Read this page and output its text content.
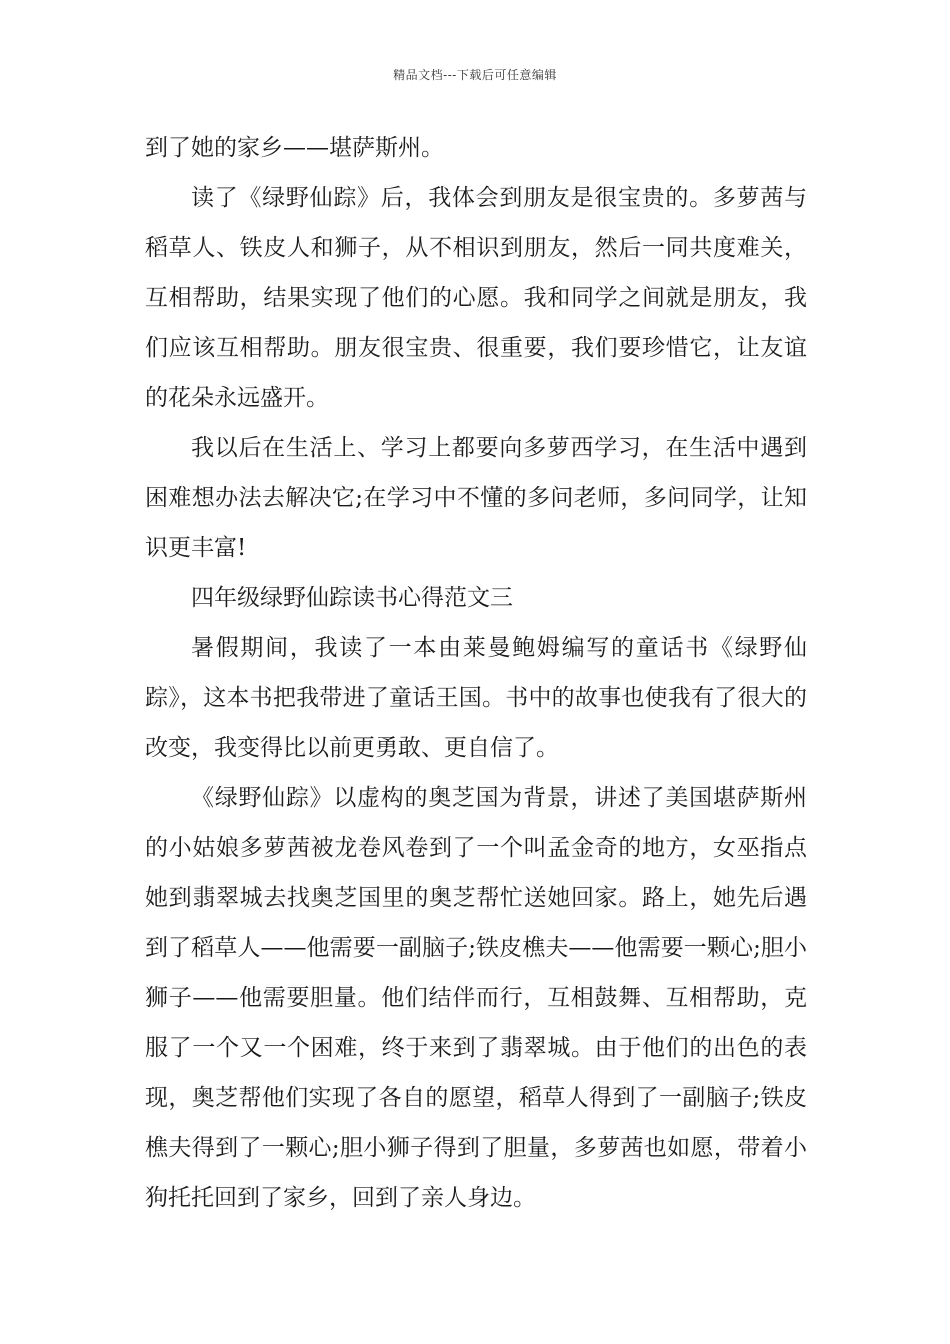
精品文档---下载后可任意编辑

到了她的家乡——堪萨斯州。

读了《绿野仙踪》后，我体会到朋友是很宝贵的。多萝茜与稻草人、铁皮人和狮子，从不相识到朋友，然后一同共度难关，互相帮助，结果实现了他们的心愿。我和同学之间就是朋友，我们应该互相帮助。朋友很宝贵、很重要，我们要珍惜它，让友谊的花朵永远盛开。

我以后在生活上、学习上都要向多萝西学习，在生活中遇到困难想办法去解决它;在学习中不懂的多问老师，多问同学，让知识更丰富!

四年级绿野仙踪读书心得范文三

暑假期间，我读了一本由莱曼鲍姆编写的童话书《绿野仙踪》，这本书把我带进了童话王国。书中的故事也使我有了很大的改变，我变得比以前更勇敢、更自信了。

《绿野仙踪》以虚构的奥芝国为背景，讲述了美国堪萨斯州的小姑娘多萝茜被龙卷风卷到了一个叫孟金奇的地方，女巫指点她到翡翠城去找奥芝国里的奥芝帮忙送她回家。路上，她先后遇到了稻草人——他需要一副脑子;铁皮樵夫——他需要一颗心;胆小狮子——他需要胆量。他们结伴而行，互相鼓舞、互相帮助，克服了一个又一个困难，终于来到了翡翠城。由于他们的出色的表现，奥芝帮他们实现了各自的愿望，稻草人得到了一副脑子;铁皮樵夫得到了一颗心;胆小狮子得到了胆量，多萝茜也如愿，带着小狗托托回到了家乡，回到了亲人身边。
